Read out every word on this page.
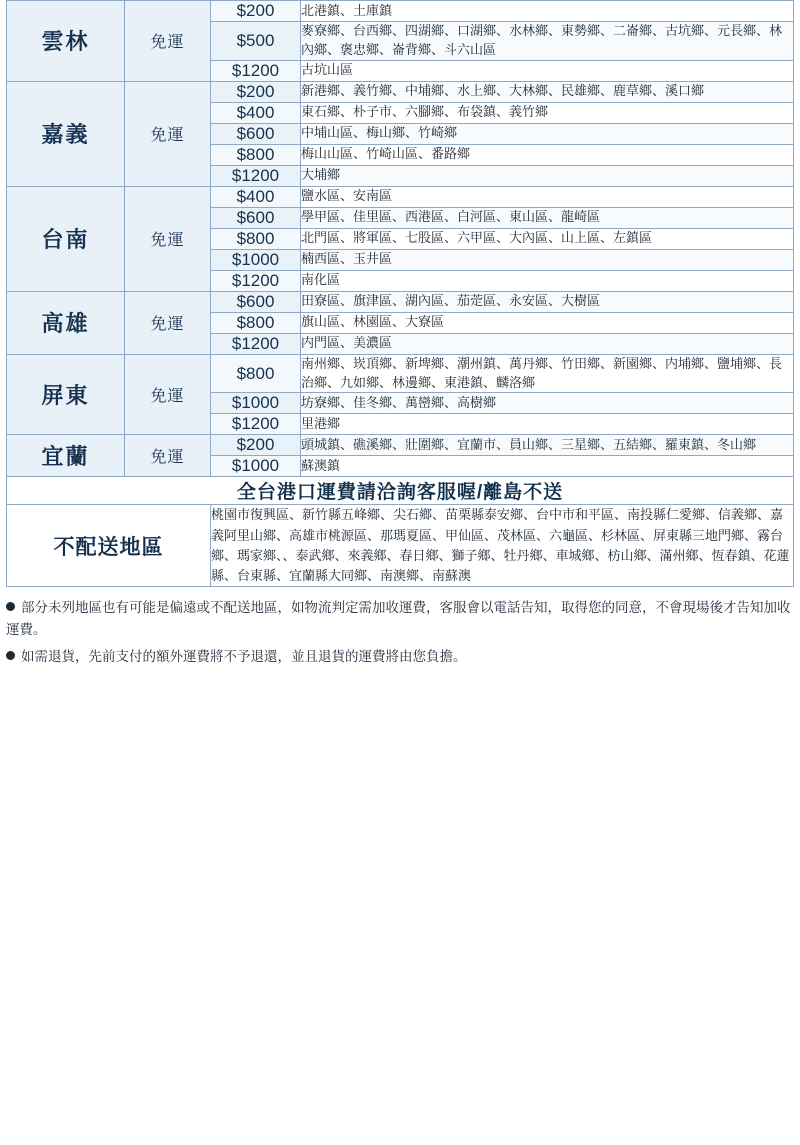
雲林	免運	$200	北港鎮、土庫鎮
		$500	麥寮鄉、台西鄉、四湖鄉、口湖鄉、水林鄉、東勢鄉、二崙鄉、古坑鄉、元長鄉、林內鄉、褒忠鄉、崙背鄉、斗六山區
		$1200	古坑山區
嘉義	免運	$200	新港鄉、義竹鄉、中埔鄉、水上鄉、大林鄉、民雄鄉、鹿草鄉、溪口鄉
		$400	東石鄉、朴子市、六腳鄉、布袋鎮、義竹鄉
		$600	中埔山區、梅山鄉、竹崎鄉
		$800	梅山山區、竹崎山區、番路鄉
		$1200	大埔鄉
台南	免運	$400	鹽水區、安南區
		$600	學甲區、佳里區、西港區、白河區、東山區、龍崎區
		$800	北門區、將軍區、七股區、六甲區、大內區、山上區、左鎮區
		$1000	楠西區、玉井區
		$1200	南化區
高雄	免運	$600	田寮區、旗津區、湖內區、茄萣區、永安區、大樹區
		$800	旗山區、林園區、大寮區
		$1200	内門區、美濃區
屏東	免運	$800	南州鄉、崁頂鄉、新埤鄉、潮州鎮、萬丹鄉、竹田鄉、新園鄉、内埔鄉、鹽埔鄉、長治鄉、九如鄉、林邊鄉、東港鎮、麟洛鄉
		$1000	坊寮鄉、佳冬鄉、萬巒鄉、高樹鄉
		$1200	里港鄉
宜蘭	免運	$200	頭城鎮、礁溪鄉、壯圍鄉、宜蘭市、員山鄉、三星鄉、五結鄉、羅東鎮、冬山鄉
		$1000	蘇澳鎮
全台港口運費請洽詢客服喔/離島不送			
不配送地區		桃園市復興區、新竹縣五峰鄉、尖石鄉、苗栗縣泰安鄉、台中市和平區、南投縣仁愛鄉、信義鄉、嘉義阿里山鄉、高雄市桃源區、那瑪夏區、甲仙區、茂林區、六龜區、杉林區、屏東縣三地門鄉、霧台鄉、瑪家鄉、、泰武鄉、來義鄉、春日鄉、獅子鄉、牡丹鄉、車城鄉、枋山鄉、滿州鄉、恆春鎮、花蓮縣、台東縣、宜蘭縣大同鄉、南澳鄉、南蘇澳	

部分未列地區也有可能是偏遠或不配送地區，如物流判定需加收運費，客服會以電話告知，取得您的同意，不會現場後才告知加收運費。

如需退貨，先前支付的額外運費將不予退還，並且退貨的運費將由您負擔。
